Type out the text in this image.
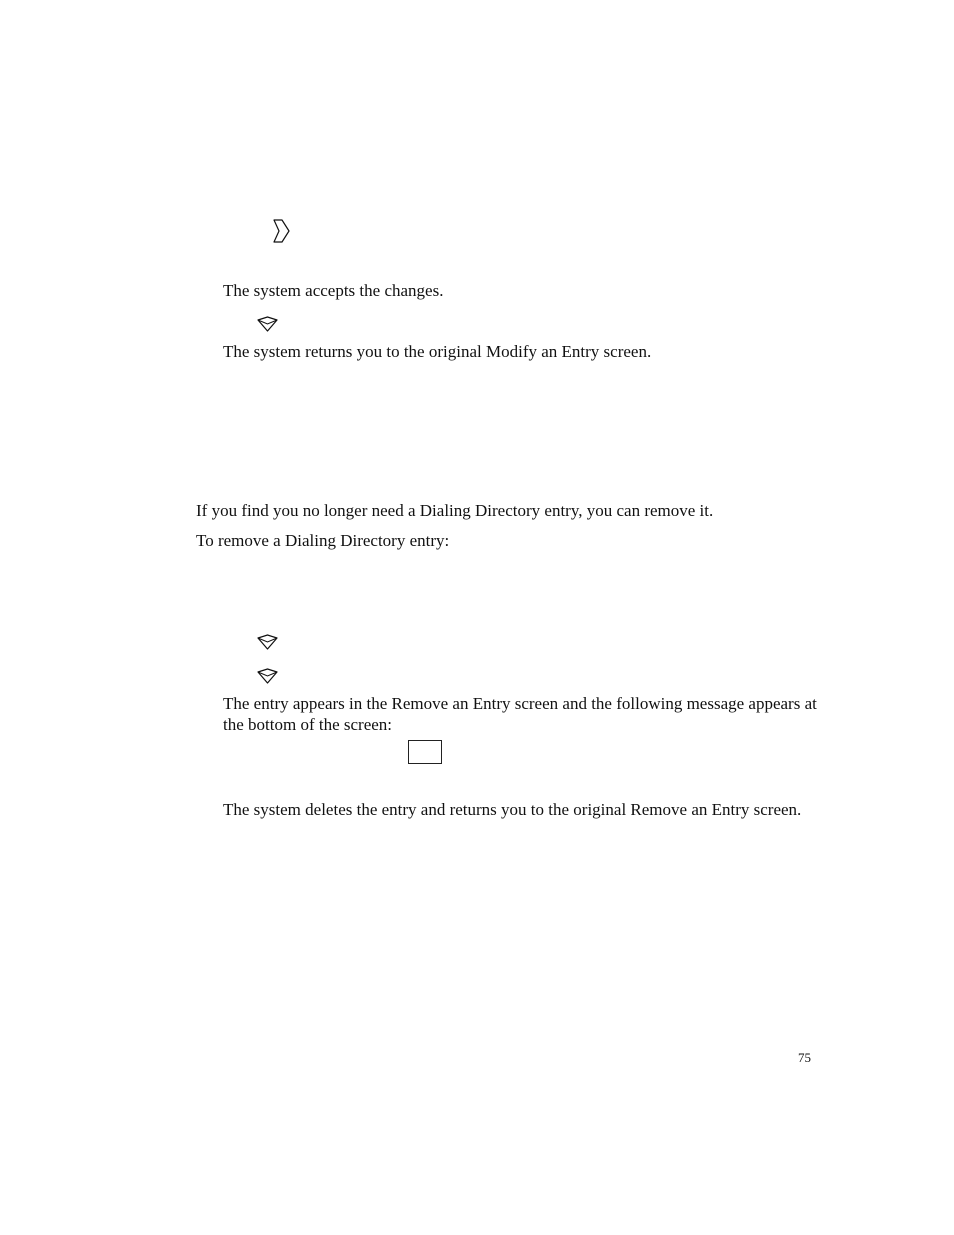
The system accepts the changes.
The system returns you to the original Modify an Entry screen.
If you find you no longer need a Dialing Directory entry, you can remove it.
To remove a Dialing Directory entry:
The entry appears in the Remove an Entry screen and the following message appears at the bottom of the screen:
The system deletes the entry and returns you to the original Remove an Entry screen.
75
